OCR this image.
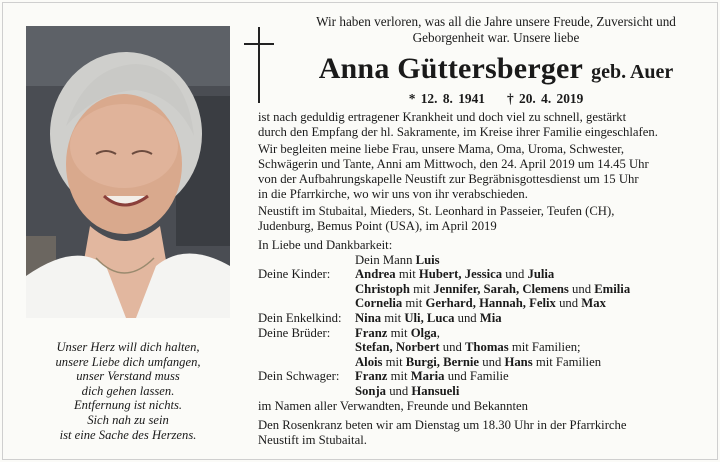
Unser Herz will dich halten,
unsere Liebe dich umfangen,
unser Verstand muss
dich gehen lassen.
Entfernung ist nichts.
Sich nah zu sein
ist eine Sache des Herzens.
Wir haben verloren, was all die Jahre unsere Freude, Zuversicht und
Geborgenheit war. Unsere liebe
Anna Güttersberger geb. Auer
* 12. 8. 1941 † 20. 4. 2019
ist nach geduldig ertragener Krankheit und doch viel zu schnell, gestärkt
durch den Empfang der hl. Sakramente, im Kreise ihrer Familie eingeschlafen.
Wir begleiten meine liebe Frau, unsere Mama, Oma, Uroma, Schwester,
Schwägerin und Tante, Anni am Mittwoch, den 24. April 2019 um 14.45 Uhr
von der Aufbahrungskapelle Neustift zur Begräbnisgottesdienst um 15 Uhr
in die Pfarrkirche, wo wir uns von ihr verabschieden.
Neustift im Stubaital, Mieders, St. Leonhard in Passeier, Teufen (CH),
Judenburg, Bemus Point (USA), im April 2019
In Liebe und Dankbarkeit:
Dein Mann Luis
Deine Kinder: Andrea mit Hubert, Jessica und Julia
Christoph mit Jennifer, Sarah, Clemens und Emilia
Cornelia mit Gerhard, Hannah, Felix und Max
Dein Enkelkind: Nina mit Uli, Luca und Mia
Deine Brüder: Franz mit Olga,
Stefan, Norbert und Thomas mit Familien;
Alois mit Burgi, Bernie und Hans mit Familien
Dein Schwager: Franz mit Maria und Familie
Sonja und Hansueli
im Namen aller Verwandten, Freunde und Bekannten
Den Rosenkranz beten wir am Dienstag um 18.30 Uhr in der Pfarrkirche
Neustift im Stubaital.
